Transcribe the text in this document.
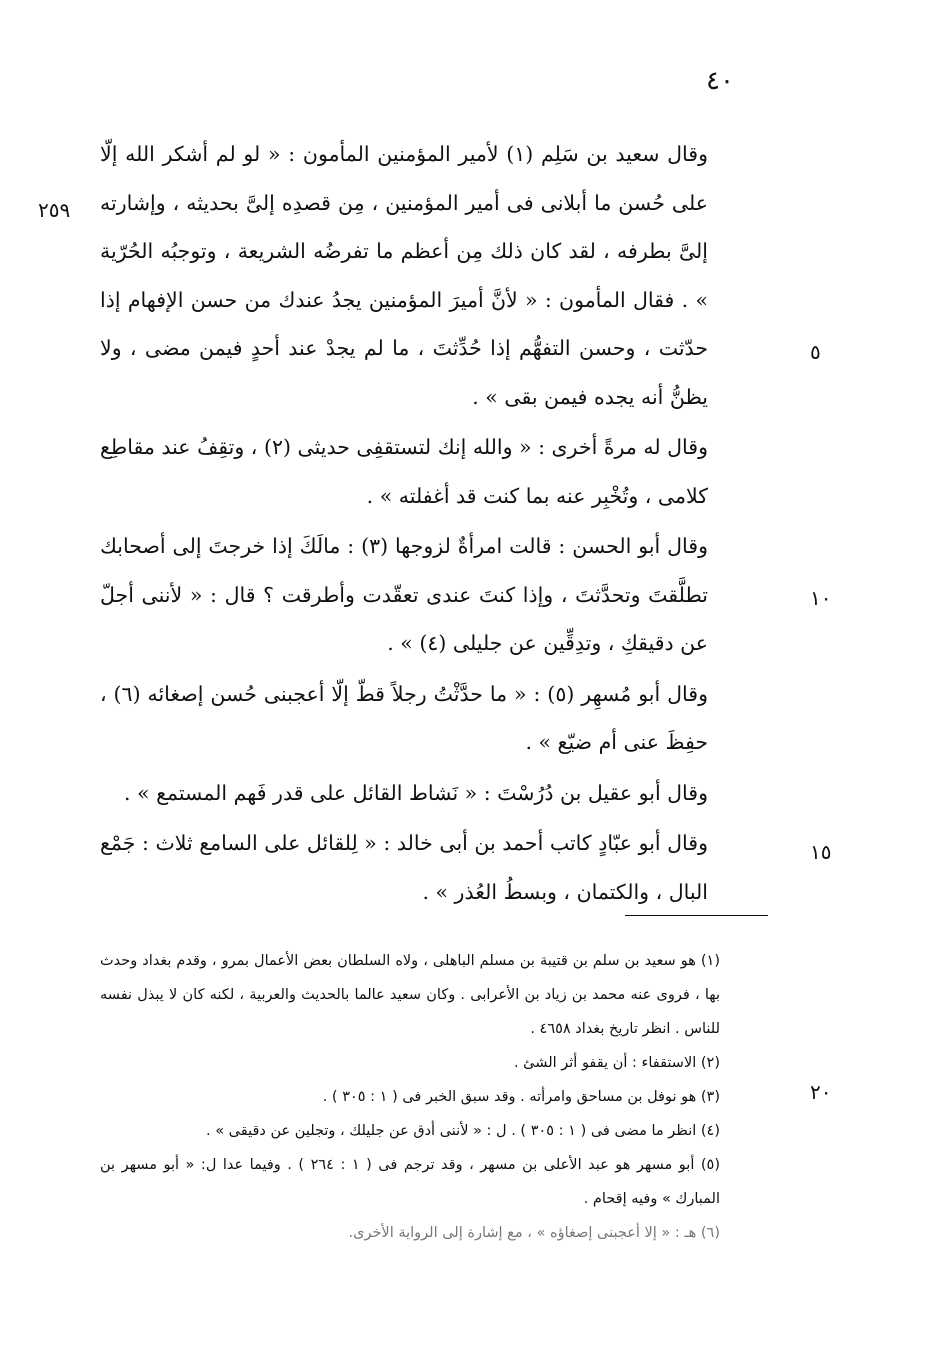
٤٠
٢٥٩
٥
١٠
١٥
٢٠

وقال سعيد بن سَلِم (١) لأمير المؤمنين المأمون : « لو لم أشكر الله إلّا على حُسن ما أبلانى فى أمير المؤمنين ، مِن قصدِه إلىَّ بحديثه ، وإشارته إلىَّ بطرفه ، لقد كان ذلك مِن أعظم ما تفرضُه الشريعة ، وتوجبُه الحُرّية » . فقال المأمون : « لأنَّ أميرَ المؤمنين يجدُ عندك من حسن الإفهام إذا حدّثت ، وحسن التفهُّم إذا حُدِّثتَ ، ما لم يجدْ عند أحدٍ فيمن مضى ، ولا يظنُّ أنه يجده فيمن بقى » .

وقال له مرةً أخرى : « والله إنك لتستقفِى حديثى (٢) ، وتقِفُ عند مقاطِع كلامى ، وتُخْبِر عنه بما كنت قد أغفلته » .

وقال أبو الحسن : قالت امرأةٌ لزوجها (٣) : مالَكَ إذا خرجتَ إلى أصحابك تطلَّقتَ وتحدَّثتَ ، وإذا كنتَ عندى تعقّدت وأطرقت ؟ قال : « لأننى أجلّ عن دقيقكِ ، وتدِقِّين عن جليلى (٤) » .

وقال أبو مُسهِر (٥) : « ما حدَّثْتُ رجلاً قطّ إلّا أعجبنى حُسن إصغائه (٦) ، حفِظَ عنى أم ضيّع » .

وقال أبو عقيل بن دُرُسْتَ : « نَشاط القائل على قدر فَهم المستمع » .

وقال أبو عبّادٍ كاتب أحمد بن أبى خالد : « لِلقائل على السامع ثلاث : جَمْع البال ، والكتمان ، وبسطُ العُذر » .

(١) هو سعيد بن سلم بن قتيبة بن مسلم الباهلى ، ولاه السلطان بعض الأعمال بمرو ، وقدم بغداد وحدث بها ، فروى عنه محمد بن زياد بن الأعرابى . وكان سعيد عالما بالحديث والعربية ، لكنه كان لا يبذل نفسه للناس . انظر تاريخ بغداد ٤٦٥٨ .

(٢) الاستقفاء : أن يقفو أثر الشئ .

(٣) هو نوفل بن مساحق وامرأته . وقد سبق الخبر فى ( ١ : ٣٠٥ ) .

(٤) انظر ما مضى فى ( ١ : ٣٠٥ ) . ل : « لأننى أدق عن جليلك ، وتجلين عن دقيقى » .

(٥) أبو مسهر هو عبد الأعلى بن مسهر ، وقد ترجم فى ( ١ : ٢٦٤ ) . وفيما عدا ل: « أبو مسهر بن المبارك » وفيه إقحام .

(٦) هـ : « إلا أعجبنى إصغاؤه » ، مع إشارة إلى الرواية الأخرى.
